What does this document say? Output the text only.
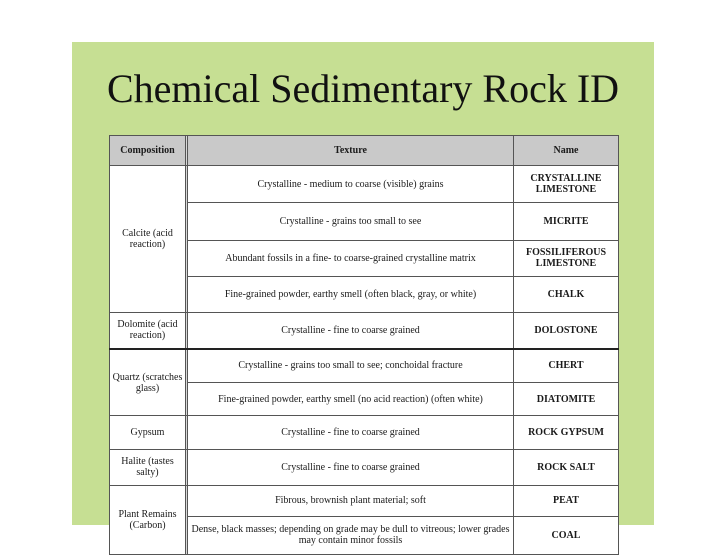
Chemical Sedimentary Rock ID
Composition		Texture	Name
Calcite (acid reaction)		Crystalline - medium to coarse (visible) grains	CRYSTALLINE LIMESTONE
		Crystalline - grains too small to see	MICRITE
		Abundant fossils in a fine- to coarse-grained crystalline matrix	FOSSILIFEROUS LIMESTONE
		Fine-grained powder, earthy smell (often black, gray, or white)	CHALK
Dolomite (acid reaction)		Crystalline - fine to coarse grained	DOLOSTONE
Quartz (scratches glass)		Crystalline - grains too small to see; conchoidal fracture	CHERT
		Fine-grained powder, earthy smell (no acid reaction) (often white)	DIATOMITE
Gypsum		Crystalline - fine to coarse grained	ROCK GYPSUM
Halite (tastes salty)		Crystalline - fine to coarse grained	ROCK SALT
Plant Remains (Carbon)		Fibrous, brownish plant material; soft	PEAT
		Dense, black masses; depending on grade may be dull to vitreous; lower grades may contain minor fossils	COAL
